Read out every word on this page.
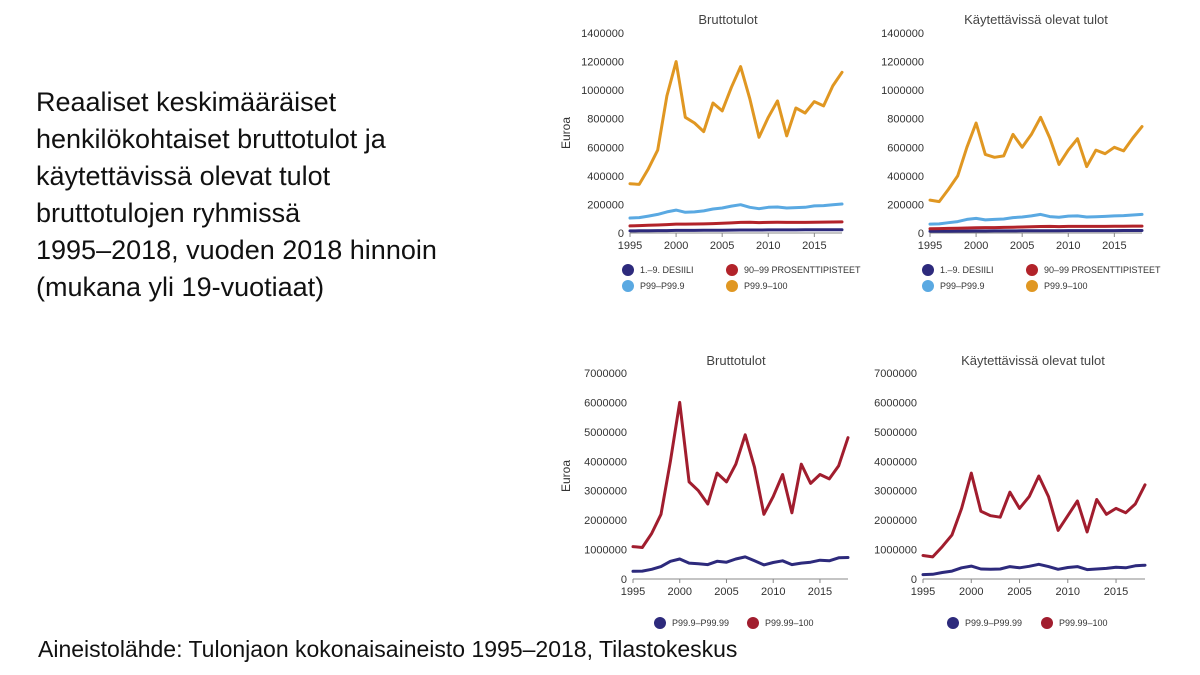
Reaaliset keskimääräiset
henkilökohtaiset bruttotulot ja
käytettävissä olevat tulot
bruttotulojen ryhmissä
1995–2018, vuoden 2018 hinnoin
(mukana yli 19-vuotiaat)
Bruttotulot
Euroa
0
200000
400000
600000
800000
1000000
1200000
1400000
1995 2000 2005 2010 2015
1.–9. DESIILI	90–99 PROSENTTIPISTEET
P99–P99.9	P99.9–100
Käytettävissä olevat tulot
0
200000
400000
600000
800000
1000000
1200000
1400000
1995 2000 2005 2010 2015
1.–9. DESIILI	90–99 PROSENTTIPISTEET
P99–P99.9	P99.9–100
Bruttotulot
Euroa
0
1000000
2000000
3000000
4000000
5000000
6000000
7000000
1995 2000 2005 2010 2015
P99.9–P99.99	P99.99–100
Käytettävissä olevat tulot
0
1000000
2000000
3000000
4000000
5000000
6000000
7000000
1995 2000 2005 2010 2015
P99.9–P99.99	P99.99–100
Aineistolähde: Tulonjaon kokonaisaineisto 1995–2018, Tilastokeskus
